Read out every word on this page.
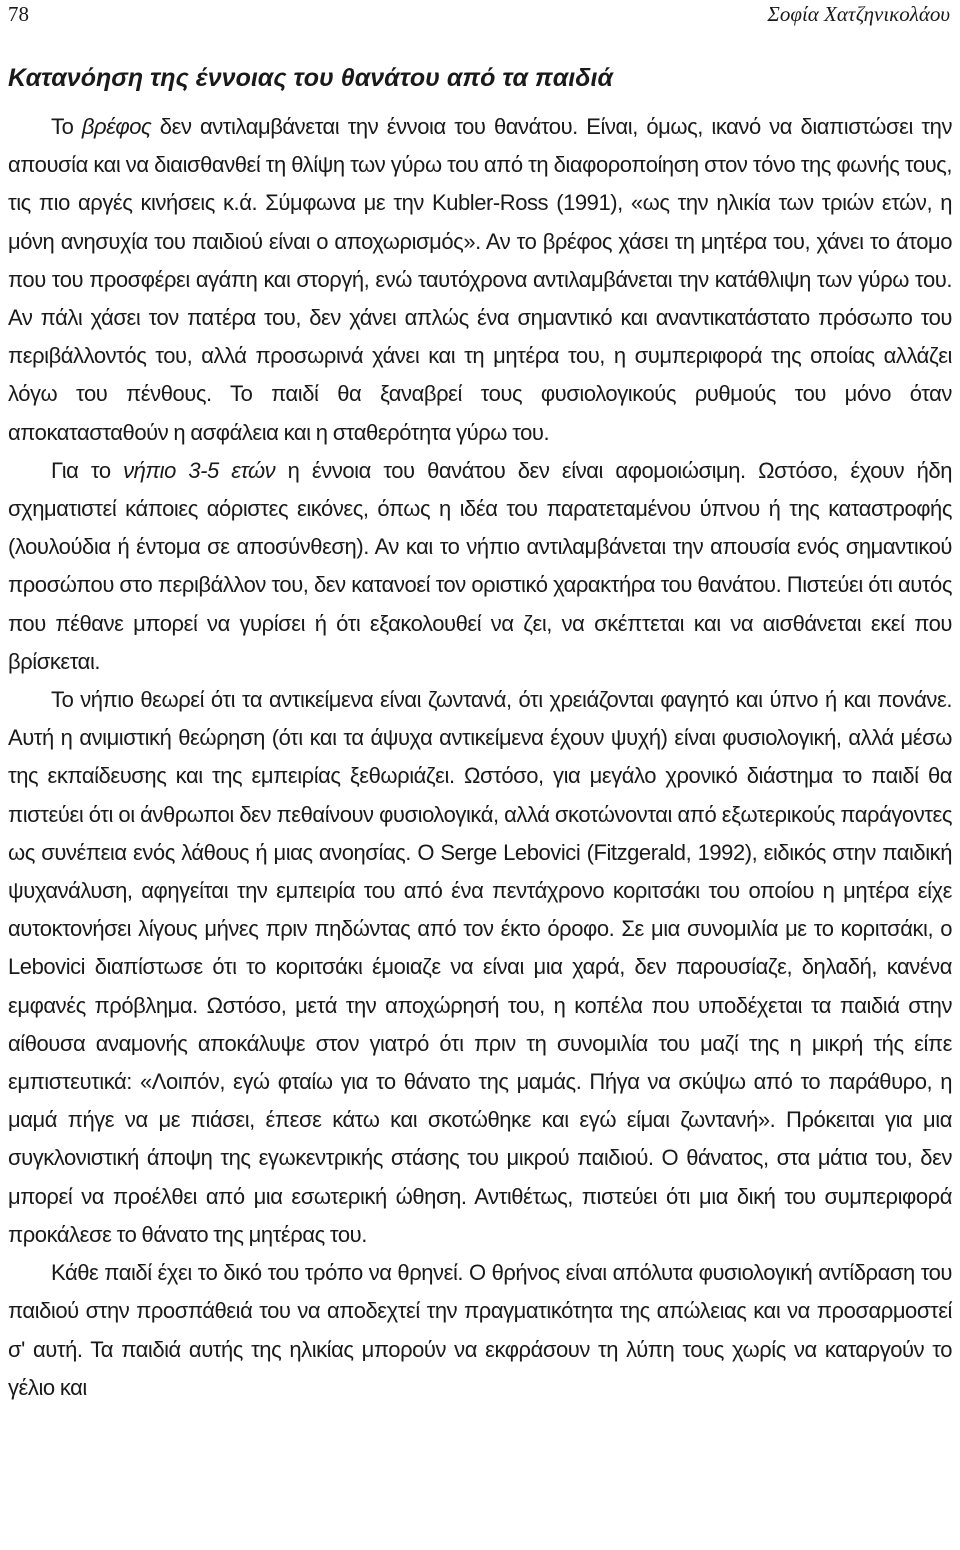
78	Σοφία Χατζηνικολάου
Κατανόηση της έννοιας του θανάτου από τα παιδιά

Το βρέφος δεν αντιλαμβάνεται την έννοια του θανάτου. Είναι, όμως, ικανό να διαπιστώσει την απουσία και να διαισθανθεί τη θλίψη των γύρω του από τη διαφοροποίηση στον τόνο της φωνής τους, τις πιο αργές κινήσεις κ.ά. Σύμφωνα με την Kubler-Ross (1991), «ως την ηλικία των τριών ετών, η μόνη ανησυχία του παιδιού είναι ο αποχωρισμός». Αν το βρέφος χάσει τη μητέρα του, χάνει το άτομο που του προσφέρει αγάπη και στοργή, ενώ ταυτόχρονα αντιλαμβάνεται την κατάθλιψη των γύρω του. Αν πάλι χάσει τον πατέρα του, δεν χάνει απλώς ένα σημαντικό και αναντικατάστατο πρόσωπο του περιβάλλοντός του, αλλά προσωρινά χάνει και τη μητέρα του, η συμπεριφορά της οποίας αλλάζει λόγω του πένθους. Το παιδί θα ξαναβρεί τους φυσιολογικούς ρυθμούς του μόνο όταν αποκατασταθούν η ασφάλεια και η σταθερότητα γύρω του.

Για το νήπιο 3-5 ετών η έννοια του θανάτου δεν είναι αφομοιώσιμη. Ωστόσο, έχουν ήδη σχηματιστεί κάποιες αόριστες εικόνες, όπως η ιδέα του παρατεταμένου ύπνου ή της καταστροφής (λουλούδια ή έντομα σε αποσύνθεση). Αν και το νήπιο αντιλαμβάνεται την απουσία ενός σημαντικού προσώπου στο περιβάλλον του, δεν κατανοεί τον οριστικό χαρακτήρα του θανάτου. Πιστεύει ότι αυτός που πέθανε μπορεί να γυρίσει ή ότι εξακολουθεί να ζει, να σκέπτεται και να αισθάνεται εκεί που βρίσκεται.

Το νήπιο θεωρεί ότι τα αντικείμενα είναι ζωντανά, ότι χρειάζονται φαγητό και ύπνο ή και πονάνε. Αυτή η ανιμιστική θεώρηση (ότι και τα άψυχα αντικείμενα έχουν ψυχή) είναι φυσιολογική, αλλά μέσω της εκπαίδευσης και της εμπειρίας ξεθωριάζει. Ωστόσο, για μεγάλο χρονικό διάστημα το παιδί θα πιστεύει ότι οι άνθρωποι δεν πεθαίνουν φυσιολογικά, αλλά σκοτώνονται από εξωτερικούς παράγοντες ως συνέπεια ενός λάθους ή μιας ανοησίας. Ο Serge Lebovici (Fitzgerald, 1992), ειδικός στην παιδική ψυχανάλυση, αφηγείται την εμπειρία του από ένα πεντάχρονο κοριτσάκι του οποίου η μητέρα είχε αυτοκτονήσει λίγους μήνες πριν πηδώντας από τον έκτο όροφο. Σε μια συνομιλία με το κοριτσάκι, ο Lebovici διαπίστωσε ότι το κοριτσάκι έμοιαζε να είναι μια χαρά, δεν παρουσίαζε, δηλαδή, κανένα εμφανές πρόβλημα. Ωστόσο, μετά την αποχώρησή του, η κοπέλα που υποδέχεται τα παιδιά στην αίθουσα αναμονής αποκάλυψε στον γιατρό ότι πριν τη συνομιλία του μαζί της η μικρή τής είπε εμπιστευτικά: «Λοιπόν, εγώ φταίω για το θάνατο της μαμάς. Πήγα να σκύψω από το παράθυρο, η μαμά πήγε να με πιάσει, έπεσε κάτω και σκοτώθηκε και εγώ είμαι ζωντανή». Πρόκειται για μια συγκλονιστική άποψη της εγωκεντρικής στάσης του μικρού παιδιού. Ο θάνατος, στα μάτια του, δεν μπορεί να προέλθει από μια εσωτερική ώθηση. Αντιθέτως, πιστεύει ότι μια δική του συμπεριφορά προκάλεσε το θάνατο της μητέρας του.

Κάθε παιδί έχει το δικό του τρόπο να θρηνεί. Ο θρήνος είναι απόλυτα φυσιολογική αντίδραση του παιδιού στην προσπάθειά του να αποδεχτεί την πραγματικότητα της απώλειας και να προσαρμοστεί σ' αυτή. Τα παιδιά αυτής της ηλικίας μπορούν να εκφράσουν τη λύπη τους χωρίς να καταργούν το γέλιο και
